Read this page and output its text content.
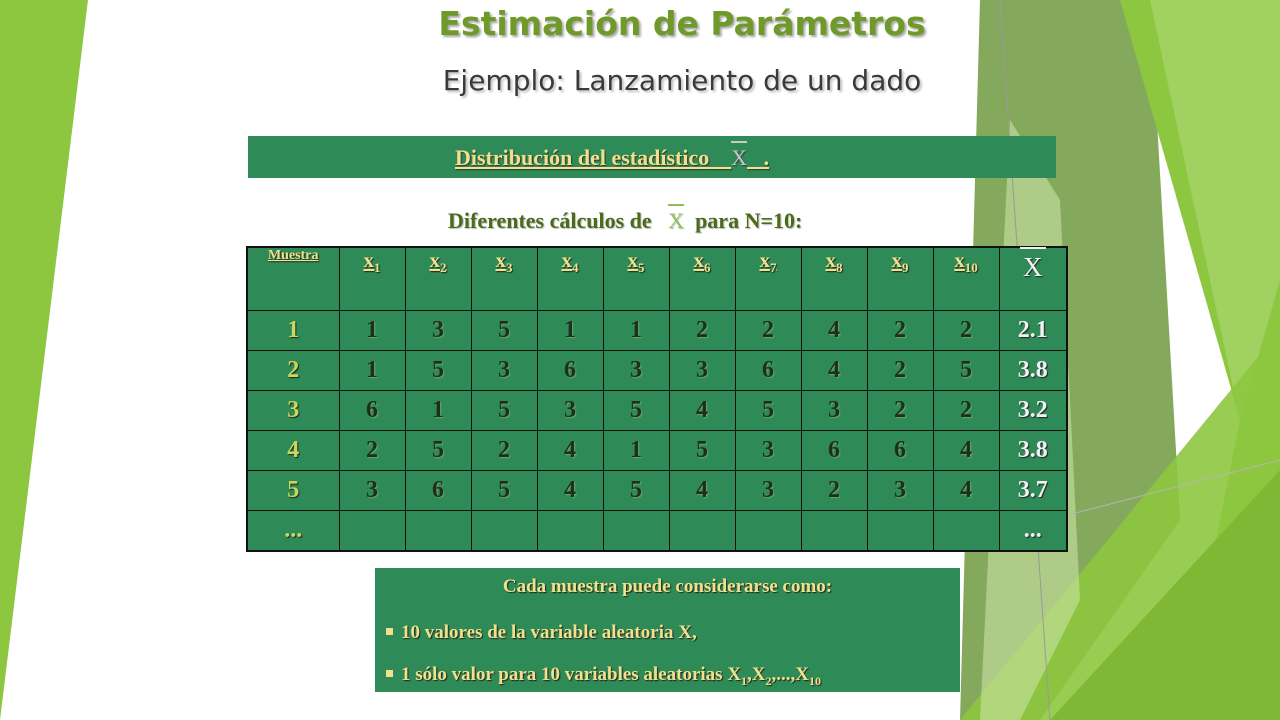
Estimación de Parámetros
Ejemplo: Lanzamiento de un dado
Distribución del estadístico X .
Diferentes cálculos de X para N=10:
Muestra	$x_1$	$x_2$	$x_3$	$x_4$	$x_5$	$x_6$	$x_7$	$x_8$	$x_9$	$x_{10}$	X
1	1	3	5	1	1	2	2	4	2	2	2.1
2	1	5	3	6	3	3	6	4	2	5	3.8
3	6	1	5	3	5	4	5	3	2	2	3.2
4	2	5	2	4	1	5	3	6	6	4	3.8
5	3	6	5	4	5	4	3	2	3	4	3.7
...											...
Cada muestra puede considerarse como:
10 valores de la variable aleatoria X,
1 sólo valor para 10 variables aleatorias $X_1,X_2,...,X_{10}$
